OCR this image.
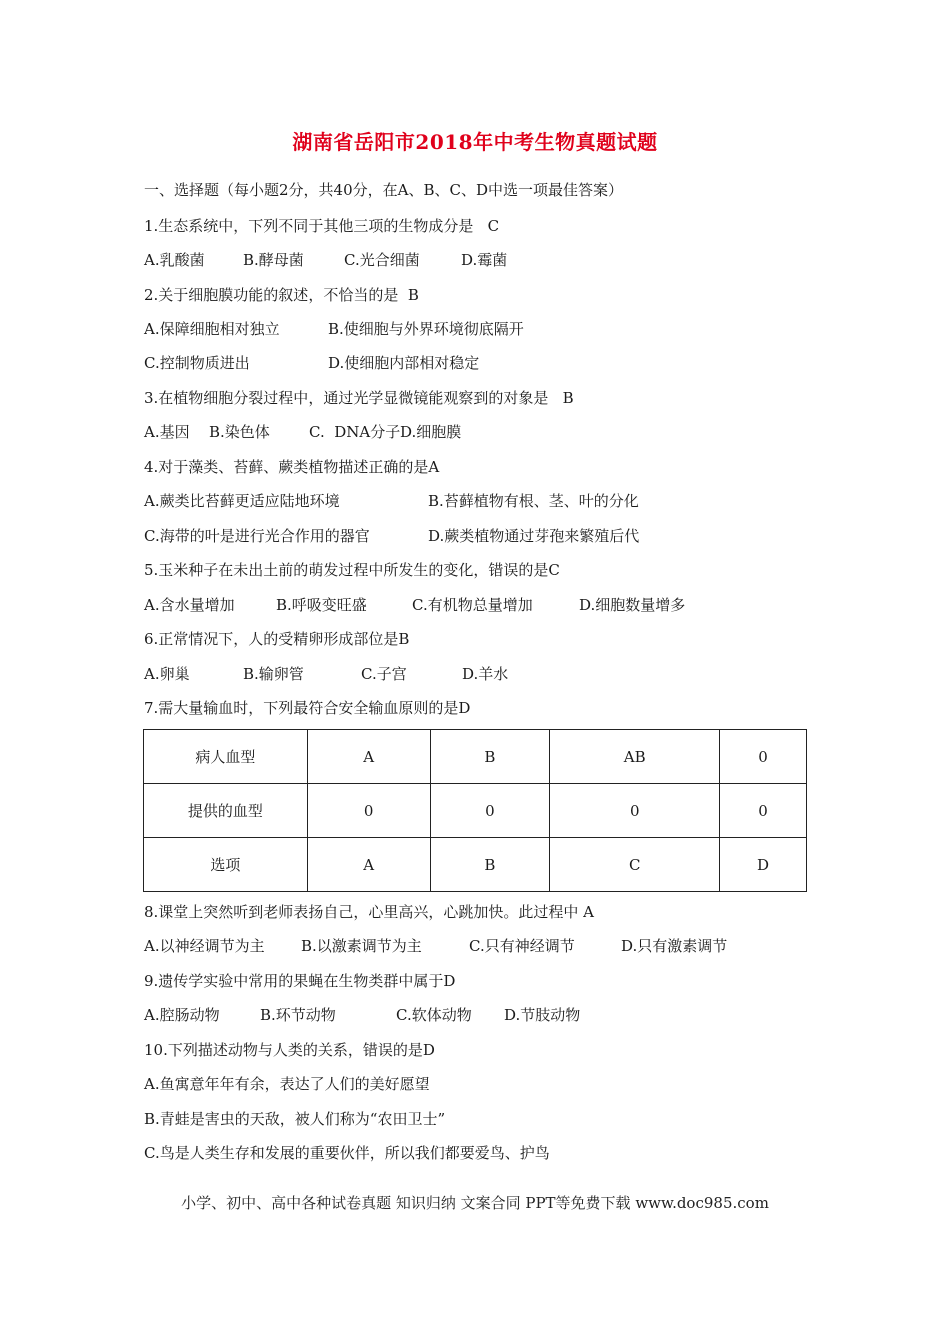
湖南省岳阳市2018年中考生物真题试题
一、选择题（每小题2分，共40分，在A、B、C、D中选一项最佳答案）
1.生态系统中，下列不同于其他三项的生物成分是   C
A.乳酸菌	B.酵母菌	C.光合细菌	D.霉菌
2.关于细胞膜功能的叙述，不恰当的是  B
A.保障细胞相对独立	B.使细胞与外界环境彻底隔开
C.控制物质进出	D.使细胞内部相对稳定
3.在植物细胞分裂过程中，通过光学显微镜能观察到的对象是   B
A.基因 B.染色体	C.  DNA分子 D.细胞膜
4.对于藻类、苔藓、蕨类植物描述正确的是A
A.蕨类比苔藓更适应陆地环境	B.苔藓植物有根、茎、叶的分化
C.海带的叶是进行光合作用的器官	D.蕨类植物通过芽孢来繁殖后代
5.玉米种子在未出土前的萌发过程中所发生的变化，错误的是C
A.含水量增加	B.呼吸变旺盛	C.有机物总量增加	D.细胞数量增多
6.正常情况下，人的受精卵形成部位是B
A.卵巢	B.输卵管	C.子宫	D.羊水
7.需大量输血时，下列最符合安全输血原则的是D
病人血型	A	B	AB	0
提供的血型	0	0	0	0
选项	A	B	C	D
8.课堂上突然听到老师表扬自己，心里高兴，心跳加快。此过程中 A
A.以神经调节为主 B.以激素调节为主	C.只有神经调节	D.只有激素调节
9.遗传学实验中常用的果蝇在生物类群中属于D
A.腔肠动物	B.环节动物	C.软体动物 D.节肢动物
10.下列描述动物与人类的关系，错误的是D
A.鱼寓意年年有余，表达了人们的美好愿望
B.青蛙是害虫的天敌，被人们称为“农田卫士”
C.鸟是人类生存和发展的重要伙伴，所以我们都要爱鸟、护鸟
小学、初中、高中各种试卷真题 知识归纳 文案合同 PPT等免费下载 www.doc985.com
